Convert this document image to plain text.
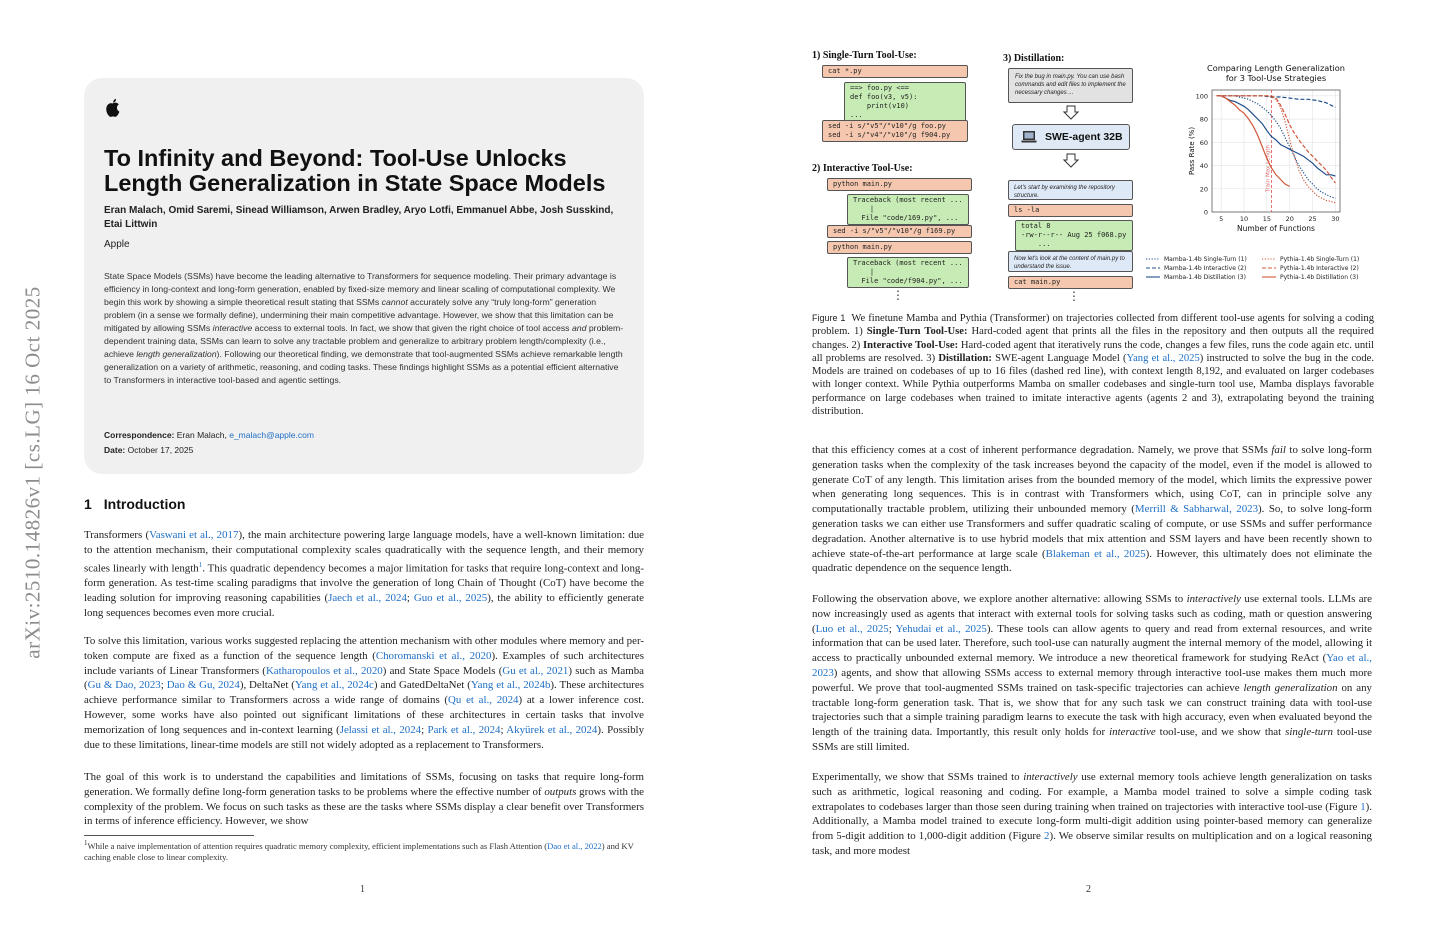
arXiv:2510.14826v1 [cs.LG] 16 Oct 2025
To Infinity and Beyond: Tool-Use Unlocks Length Generalization in State Space Models
Eran Malach, Omid Saremi, Sinead Williamson, Arwen Bradley, Aryo Lotfi, Emmanuel Abbe, Josh Susskind, Etai Littwin
Apple

State Space Models (SSMs) have become the leading alternative to Transformers for sequence modeling. Their primary advantage is efficiency in long-context and long-form generation, enabled by fixed-size memory and linear scaling of computational complexity. We begin this work by showing a simple theoretical result stating that SSMs cannot accurately solve any “truly long-form” generation problem (in a sense we formally define), undermining their main competitive advantage. However, we show that this limitation can be mitigated by allowing SSMs interactive access to external tools. In fact, we show that given the right choice of tool access and problem-dependent training data, SSMs can learn to solve any tractable problem and generalize to arbitrary problem length/complexity (i.e., achieve length generalization). Following our theoretical finding, we demonstrate that tool-augmented SSMs achieve remarkable length generalization on a variety of arithmetic, reasoning, and coding tasks. These findings highlight SSMs as a potential efficient alternative to Transformers in interactive tool-based and agentic settings.

Correspondence: Eran Malach, e_malach@apple.com
Date: October 17, 2025
1 Introduction

Transformers (Vaswani et al., 2017), the main architecture powering large language models, have a well-known limitation: due to the attention mechanism, their computational complexity scales quadratically with the sequence length, and their memory scales linearly with length$^1$. This quadratic dependency becomes a major limitation for tasks that require long-context and long-form generation. As test-time scaling paradigms that involve the generation of long Chain of Thought (CoT) have become the leading solution for improving reasoning capabilities (Jaech et al., 2024; Guo et al., 2025), the ability to efficiently generate long sequences becomes even more crucial.

To solve this limitation, various works suggested replacing the attention mechanism with other modules where memory and per-token compute are fixed as a function of the sequence length (Choromanski et al., 2020). Examples of such architectures include variants of Linear Transformers (Katharopoulos et al., 2020) and State Space Models (Gu et al., 2021) such as Mamba (Gu & Dao, 2023; Dao & Gu, 2024), DeltaNet (Yang et al., 2024c) and GatedDeltaNet (Yang et al., 2024b). These architectures achieve performance similar to Transformers across a wide range of domains (Qu et al., 2024) at a lower inference cost. However, some works have also pointed out significant limitations of these architectures in certain tasks that involve memorization of long sequences and in-context learning (Jelassi et al., 2024; Park et al., 2024; Akyürek et al., 2024). Possibly due to these limitations, linear-time models are still not widely adopted as a replacement to Transformers.

The goal of this work is to understand the capabilities and limitations of SSMs, focusing on tasks that require long-form generation. We formally define long-form generation tasks to be problems where the effective number of outputs grows with the complexity of the problem. We focus on such tasks as these are the tasks where SSMs display a clear benefit over Transformers in terms of inference efficiency. However, we show

$^1$While a naive implementation of attention requires quadratic memory complexity, efficient implementations such as Flash Attention (Dao et al., 2022) and KV caching enable close to linear complexity.

1
1) Single-Turn Tool-Use:
cat *.py
==> foo.py <==
def foo(v3, v5):
print(v10)
...
sed -i s/"v5"/"v10"/g foo.py
sed -i s/"v4"/"v10"/g f904.py
2) Interactive Tool-Use:
python main.py
Traceback (most recent ...
|
File "code/169.py", ...
sed -i s/"v5"/"v10"/g f169.py
python main.py
Traceback (most recent ...
|
File "code/f904.py", ...
⋮
3) Distillation:
Fix the bug in main.py. You can use bash commands and edit files to implement the necessary changes ...
SWE-agent 32B
Let's start by examining the repository structure.
ls -la
total 8
-rw-r--r-- Aug 25 f068.py
...
Now let's look at the content of main.py to understand the issue.
cat main.py
⋮
Comparing Length Generalization
for 3 Tool-Use Strategies
0
20
40
60
80
100
5	10 15 20 25 30
Number of Functions
Pass Rate (%)	Train Max Length
Mamba-1.4b Single-Turn (1)
Mamba-1.4b Interactive (2)
Mamba-1.4b Distillation (3)
Pythia-1.4b Single-Turn (1)
Pythia-1.4b Interactive (2)
Pythia-1.4b Distillation (3)

Figure 1 We finetune Mamba and Pythia (Transformer) on trajectories collected from different tool-use agents for solving a coding problem. 1) Single-Turn Tool-Use: Hard-coded agent that prints all the files in the repository and then outputs all the required changes. 2) Interactive Tool-Use: Hard-coded agent that iteratively runs the code, changes a few files, runs the code again etc. until all problems are resolved. 3) Distillation: SWE-agent Language Model (Yang et al., 2025) instructed to solve the bug in the code. Models are trained on codebases of up to 16 files (dashed red line), with context length 8,192, and evaluated on larger codebases with longer context. While Pythia outperforms Mamba on smaller codebases and single-turn tool use, Mamba displays favorable performance on large codebases when trained to imitate interactive agents (agents 2 and 3), extrapolating beyond the training distribution.

that this efficiency comes at a cost of inherent performance degradation. Namely, we prove that SSMs fail to solve long-form generation tasks when the complexity of the task increases beyond the capacity of the model, even if the model is allowed to generate CoT of any length. This limitation arises from the bounded memory of the model, which limits the expressive power when generating long sequences. This is in contrast with Transformers which, using CoT, can in principle solve any computationally tractable problem, utilizing their unbounded memory (Merrill & Sabharwal, 2023). So, to solve long-form generation tasks we can either use Transformers and suffer quadratic scaling of compute, or use SSMs and suffer performance degradation. Another alternative is to use hybrid models that mix attention and SSM layers and have been recently shown to achieve state-of-the-art performance at large scale (Blakeman et al., 2025). However, this ultimately does not eliminate the quadratic dependence on the sequence length.

Following the observation above, we explore another alternative: allowing SSMs to interactively use external tools. LLMs are now increasingly used as agents that interact with external tools for solving tasks such as coding, math or question answering (Luo et al., 2025; Yehudai et al., 2025). These tools can allow agents to query and read from external resources, and write information that can be used later. Therefore, such tool-use can naturally augment the internal memory of the model, allowing it access to practically unbounded external memory. We introduce a new theoretical framework for studying ReAct (Yao et al., 2023) agents, and show that allowing SSMs access to external memory through interactive tool-use makes them much more powerful. We prove that tool-augmented SSMs trained on task-specific trajectories can achieve length generalization on any tractable long-form generation task. That is, we show that for any such task we can construct training data with tool-use trajectories such that a simple training paradigm learns to execute the task with high accuracy, even when evaluated beyond the length of the training data. Importantly, this result only holds for interactive tool-use, and we show that single-turn tool-use SSMs are still limited.

Experimentally, we show that SSMs trained to interactively use external memory tools achieve length generalization on tasks such as arithmetic, logical reasoning and coding. For example, a Mamba model trained to solve a simple coding task extrapolates to codebases larger than those seen during training when trained on trajectories with interactive tool-use (Figure 1). Additionally, a Mamba model trained to execute long-form multi-digit addition using pointer-based memory can generalize from 5-digit addition to 1,000-digit addition (Figure 2). We observe similar results on multiplication and on a logical reasoning task, and more modest

2
